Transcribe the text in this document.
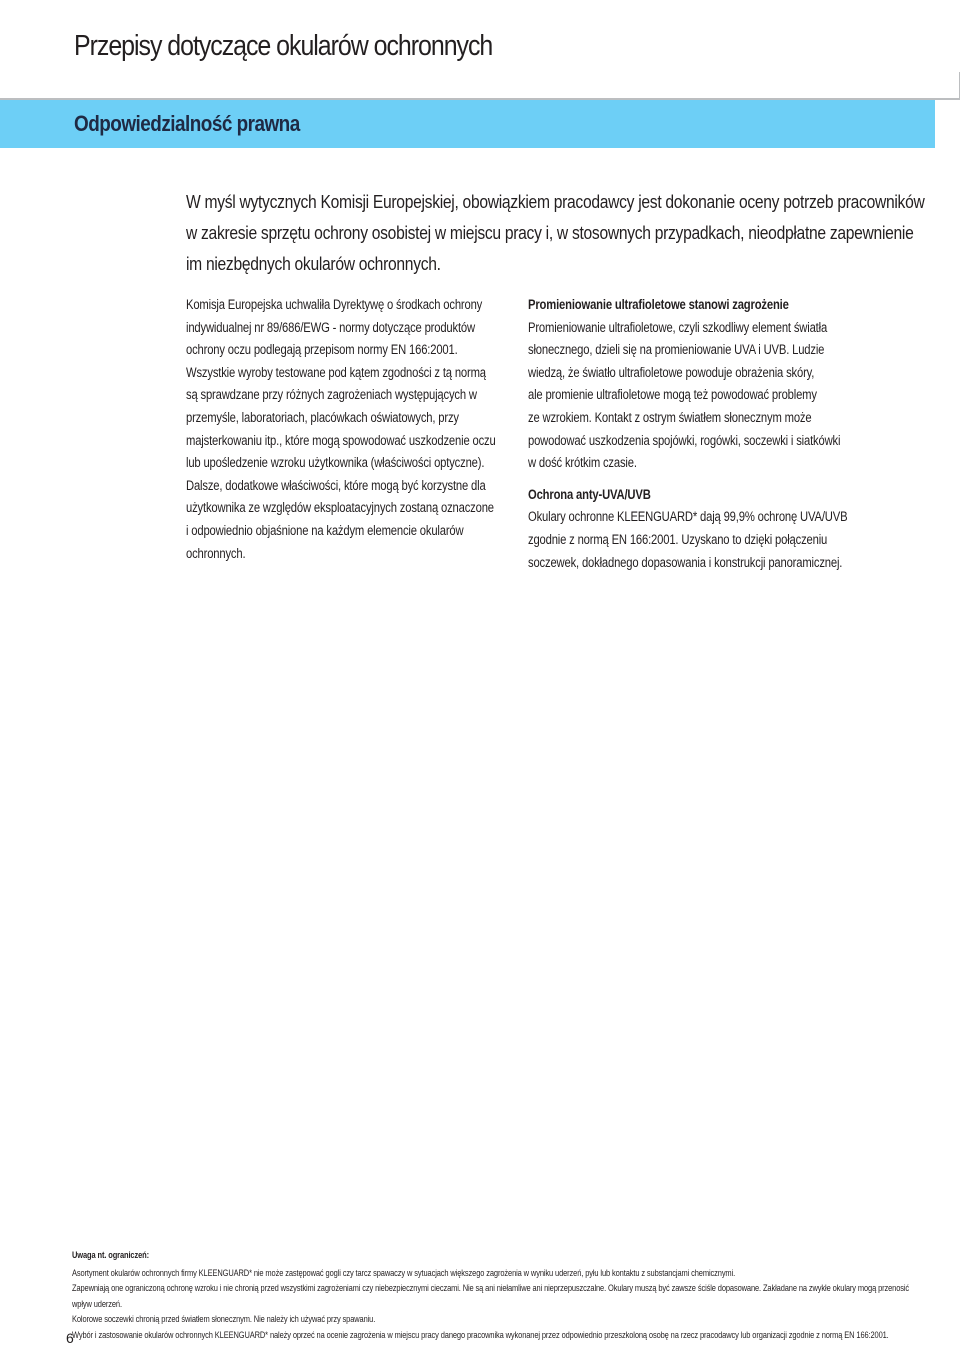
Przepisy dotyczące okularów ochronnych
Odpowiedzialność prawna
W myśl wytycznych Komisji Europejskiej, obowiązkiem pracodawcy jest dokonanie oceny potrzeb pracowników
w zakresie sprzętu ochrony osobistej w miejscu pracy i, w stosownych przypadkach, nieodpłatne zapewnienie
im niezbędnych okularów ochronnych.

Komisja Europejska uchwaliła Dyrektywę o środkach ochrony

indywidualnej nr 89/686/EWG - normy dotyczące produktów

ochrony oczu podlegają przepisom normy EN 166:2001.

Wszystkie wyroby testowane pod kątem zgodności z tą normą

są sprawdzane przy różnych zagrożeniach występujących w

przemyśle, laboratoriach, placówkach oświatowych, przy

majsterkowaniu itp., które mogą spowodować uszkodzenie oczu

lub upośledzenie wzroku użytkownika (właściwości optyczne).

Dalsze, dodatkowe właściwości, które mogą być korzystne dla

użytkownika ze względów eksploatacyjnych zostaną oznaczone

i odpowiednio objaśnione na każdym elemencie okularów

ochronnych.

Promieniowanie ultrafioletowe stanowi zagrożenie

Promieniowanie ultrafioletowe, czyli szkodliwy element światła

słonecznego, dzieli się na promieniowanie UVA i UVB. Ludzie

wiedzą, że światło ultrafioletowe powoduje obrażenia skóry,

ale promienie ultrafioletowe mogą też powodować problemy

ze wzrokiem. Kontakt z ostrym światłem słonecznym może

powodować uszkodzenia spojówki, rogówki, soczewki i siatkówki

w dość krótkim czasie.

Ochrona anty-UVA/UVB

Okulary ochronne KLEENGUARD* dają 99,9% ochronę UVA/UVB

zgodnie z normą EN 166:2001. Uzyskano to dzięki połączeniu

soczewek, dokładnego dopasowania i konstrukcji panoramicznej.

Uwaga nt. ograniczeń:

Asortyment okularów ochronnych firmy KLEENGUARD* nie może zastępować gogli czy tarcz spawaczy w sytuacjach większego zagrożenia w wyniku uderzeń, pyłu lub kontaktu z substancjami chemicznymi.

Zapewniają one ograniczoną ochronę wzroku i nie chronią przed wszystkimi zagrożeniami czy niebezpiecznymi cieczami. Nie są ani niełamliwe ani nieprzepuszczalne. Okulary muszą być zawsze ściśle dopasowane. Zakładane na zwykłe okulary mogą przenosić wpływ uderzeń.

Kolorowe soczewki chronią przed światłem słonecznym. Nie należy ich używać przy spawaniu.

Wybór i zastosowanie okularów ochronnych KLEENGUARD* należy oprzeć na ocenie zagrożenia w miejscu pracy danego pracownika wykonanej przez odpowiednio przeszkoloną osobę na rzecz pracodawcy lub organizacji zgodnie z normą EN 166:2001.

6
